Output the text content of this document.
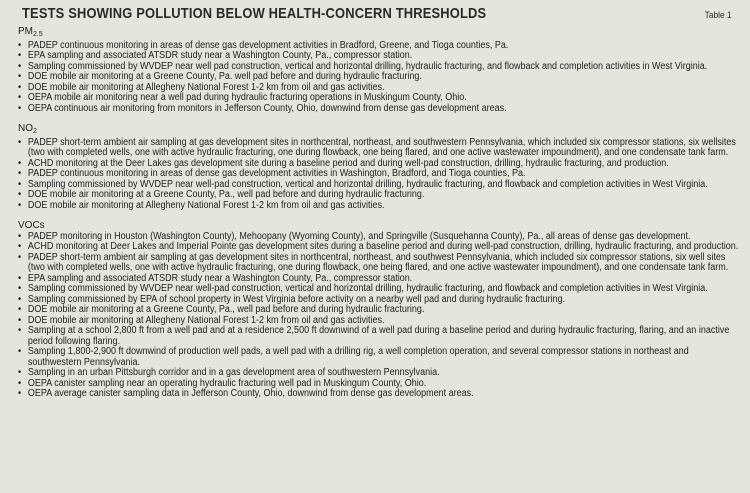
TESTS SHOWING POLLUTION BELOW HEALTH-CONCERN THRESHOLDS	Table 1
$PM_{2.5}$
• PADEP continuous monitoring in areas of dense gas development activities in Bradford, Greene, and Tioga counties, Pa.
• EPA sampling and associated ATSDR study near a Washington County, Pa., compressor station.
• Sampling commissioned by WVDEP near well pad construction, vertical and horizontal drilling, hydraulic fracturing, and flowback and completion activities in West Virginia.
• DOE mobile air monitoring at a Greene County, Pa. well pad before and during hydraulic fracturing.
• DOE mobile air monitoring at Allegheny National Forest 1-2 km from oil and gas activities.
• OEPA mobile air monitoring near a well pad during hydraulic fracturing operations in Muskingum County, Ohio.
• OEPA continuous air monitoring from monitors in Jefferson County, Ohio, downwind from dense gas development areas.
$NO_2$
• PADEP short-term ambient air sampling at gas development sites in northcentral, northeast, and southwestern Pennsylvania, which included six compressor stations, six wellsites (two with completed wells, one with active hydraulic fracturing, one during flowback, one being flared, and one active wastewater impoundment), and one condensate tank farm.
• ACHD monitoring at the Deer Lakes gas development site during a baseline period and during well-pad construction, drilling, hydraulic fracturing, and production.
• PADEP continuous monitoring in areas of dense gas development activities in Washington, Bradford, and Tioga counties, Pa.
• Sampling commissioned by WVDEP near well-pad construction, vertical and horizontal drilling, hydraulic fracturing, and flowback and completion activities in West Virginia.
• DOE mobile air monitoring at a Greene County, Pa., well pad before and during hydraulic fracturing.
• DOE mobile air monitoring at Allegheny National Forest 1-2 km from oil and gas activities.
VOCs
• PADEP monitoring in Houston (Washington County), Mehoopany (Wyoming County), and Springville (Susquehanna County), Pa., all areas of dense gas development.
• ACHD monitoring at Deer Lakes and Imperial Pointe gas development sites during a baseline period and during well-pad construction, drilling, hydraulic fracturing, and production.
• PADEP short-term ambient air sampling at gas development sites in northcentral, northeast, and southwest Pennsylvania, which included six compressor stations, six well sites (two with completed wells, one with active hydraulic fracturing, one during flowback, one being flared, and one active wastewater impoundment), and one condensate tank farm.
• EPA sampling and associated ATSDR study near a Washington County, Pa., compressor station.
• Sampling commissioned by WVDEP near well-pad construction, vertical and horizontal drilling, hydraulic fracturing, and flowback and completion activities in West Virginia.
• Sampling commissioned by EPA of school property in West Virginia before activity on a nearby well pad and during hydraulic fracturing.
• DOE mobile air monitoring at a Greene County, Pa., well pad before and during hydraulic fracturing.
• DOE mobile air monitoring at Allegheny National Forest 1-2 km from oil and gas activities.
• Sampling at a school 2,800 ft from a well pad and at a residence 2,500 ft downwind of a well pad during a baseline period and during hydraulic fracturing, flaring, and an inactive period following flaring.
• Sampling 1,800-2,900 ft downwind of production well pads, a well pad with a drilling rig, a well completion operation, and several compressor stations in northeast and southwestern Pennsylvania.
• Sampling in an urban Pittsburgh corridor and in a gas development area of southwestern Pennsylvania.
• OEPA canister sampling near an operating hydraulic fracturing well pad in Muskingum County, Ohio.
• OEPA average canister sampling data in Jefferson County, Ohio, downwind from dense gas development areas.
